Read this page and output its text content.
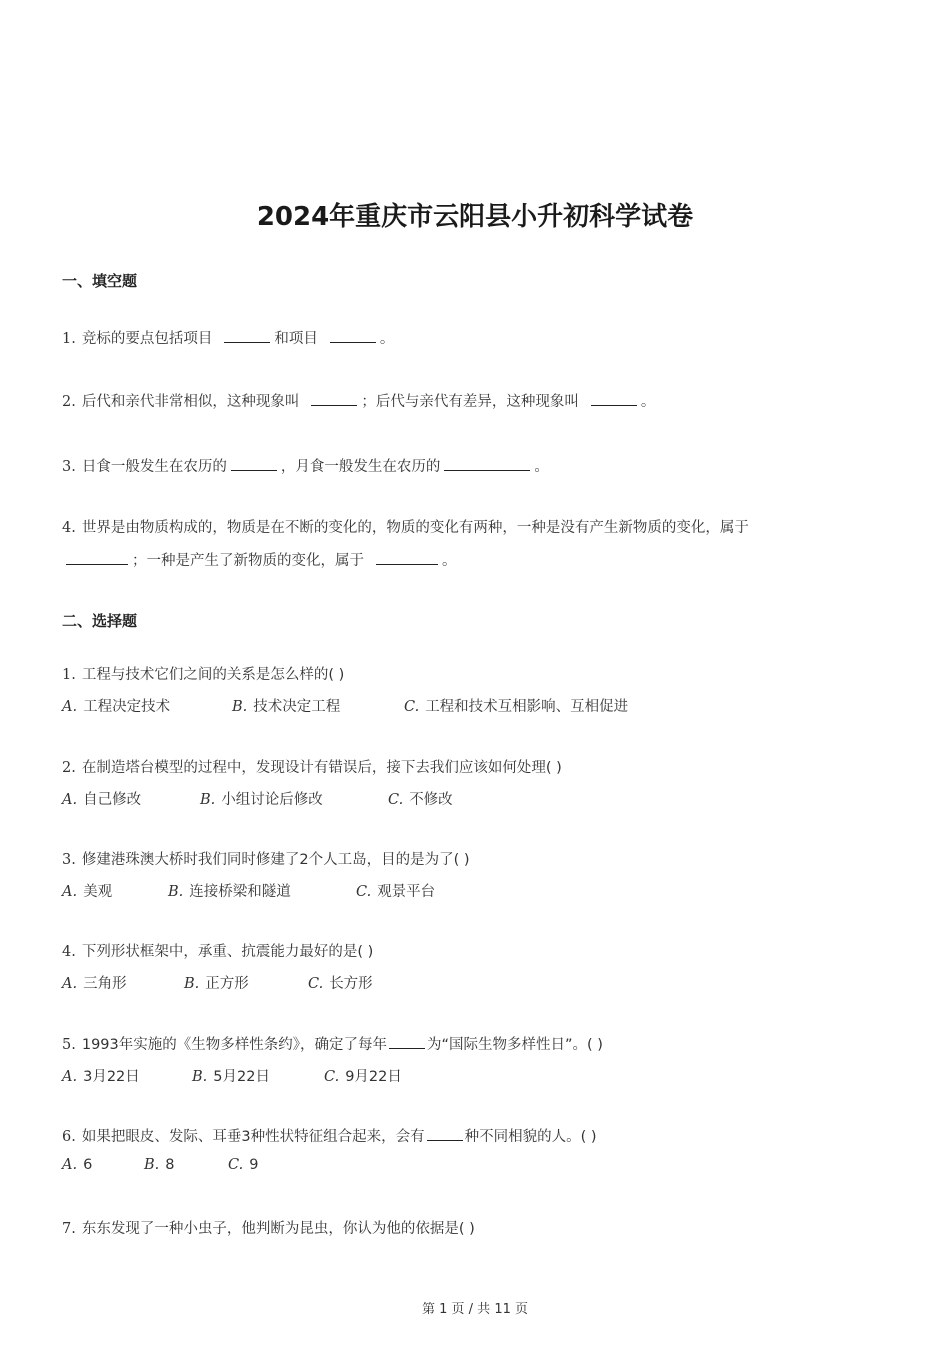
2024年重庆市云阳县小升初科学试卷
一、填空题
1. 竞标的要点包括项目	和项目	。
2. 后代和亲代非常相似，这种现象叫	；后代与亲代有差异，这种现象叫	。
3. 日食一般发生在农历的	，月食一般发生在农历的	。
4. 世界是由物质构成的，物质是在不断的变化的，物质的变化有两种，一种是没有产生新物质的变化，属于
；一种是产生了新物质的变化，属于	。
二、选择题
1. 工程与技术它们之间的关系是怎么样的( )
A. 工程决定技术	B. 技术决定工程	C. 工程和技术互相影响、互相促进
2. 在制造塔台模型的过程中，发现设计有错误后，接下去我们应该如何处理( )
A. 自己修改	B. 小组讨论后修改	C. 不修改
3. 修建港珠澳大桥时我们同时修建了2个人工岛，目的是为了( )
A. 美观	B. 连接桥梁和隧道	C. 观景平台
4. 下列形状框架中，承重、抗震能力最好的是( )
A. 三角形	B. 正方形	C. 长方形
5. 1993年实施的《生物多样性条约》，确定了每年	为“国际生物多样性日”。( )
A. 3月22日	B. 5月22日	C. 9月22日
6. 如果把眼皮、发际、耳垂3种性状特征组合起来，会有	种不同相貌的人。( )
A. 6	B. 8	C. 9
7. 东东发现了一种小虫子，他判断为昆虫，你认为他的依据是( )
第 1 页 / 共 11 页
